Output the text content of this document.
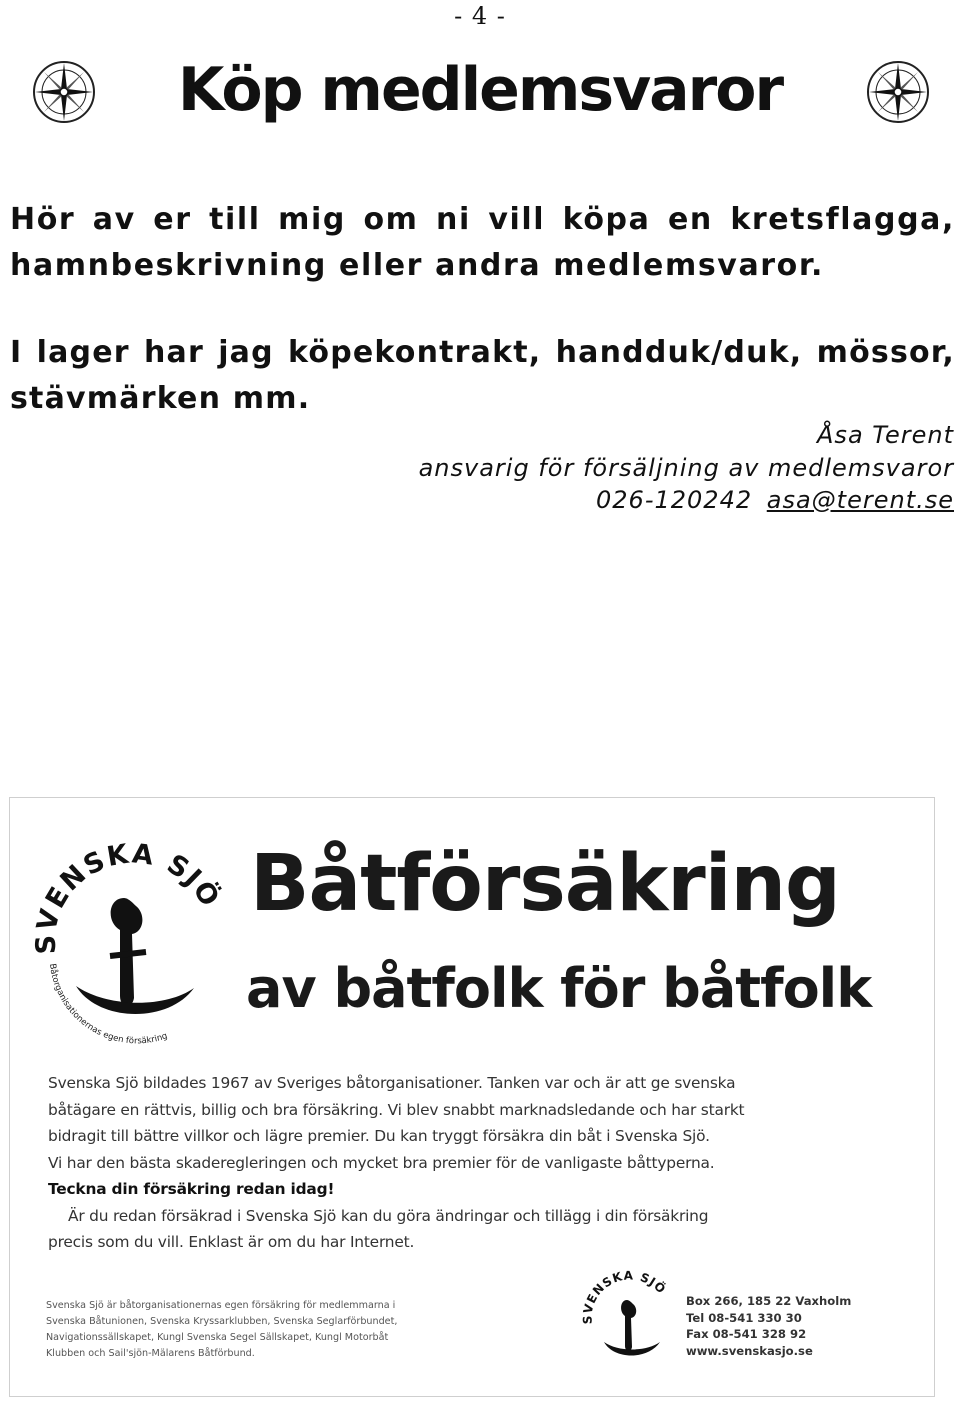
- 4 -
Köp medlemsvaror

Hör av er till mig om ni vill köpa en kretsflagga, hamnbeskrivning eller andra medlemsvaror.

I lager har jag köpekontrakt, handduk/duk, mössor, stävmärken mm.

Åsa Terent
ansvarig för försäljning av medlemsvaror
026-120242 asa@terent.se
SVENSKA SJÖ
Båtorganisationernas egen försäkring
Båtförsäkring
av båtfolk för båtfolk
Svenska Sjö bildades 1967 av Sveriges båtorganisationer. Tanken var och är att ge svenska
båtägare en rättvis, billig och bra försäkring. Vi blev snabbt marknadsledande och har starkt
bidragit till bättre villkor och lägre premier. Du kan tryggt försäkra din båt i Svenska Sjö.
Vi har den bästa skaderegleringen och mycket bra premier för de vanligaste båttyperna.
Teckna din försäkring redan idag!
Är du redan försäkrad i Svenska Sjö kan du göra ändringar och tillägg i din försäkring
precis som du vill. Enklast är om du har Internet.
Svenska Sjö är båtorganisationernas egen försäkring för medlemmarna i
Svenska Båtunionen, Svenska Kryssarklubben, Svenska Seglarförbundet,
Navigationssällskapet, Kungl Svenska Segel Sällskapet, Kungl Motorbåt
Klubben och Sail'sjön-Mälarens Båtförbund.
SVENSKA SJÖ
Box 266, 185 22 Vaxholm
Tel 08-541 330 30
Fax 08-541 328 92
www.svenskasjo.se
